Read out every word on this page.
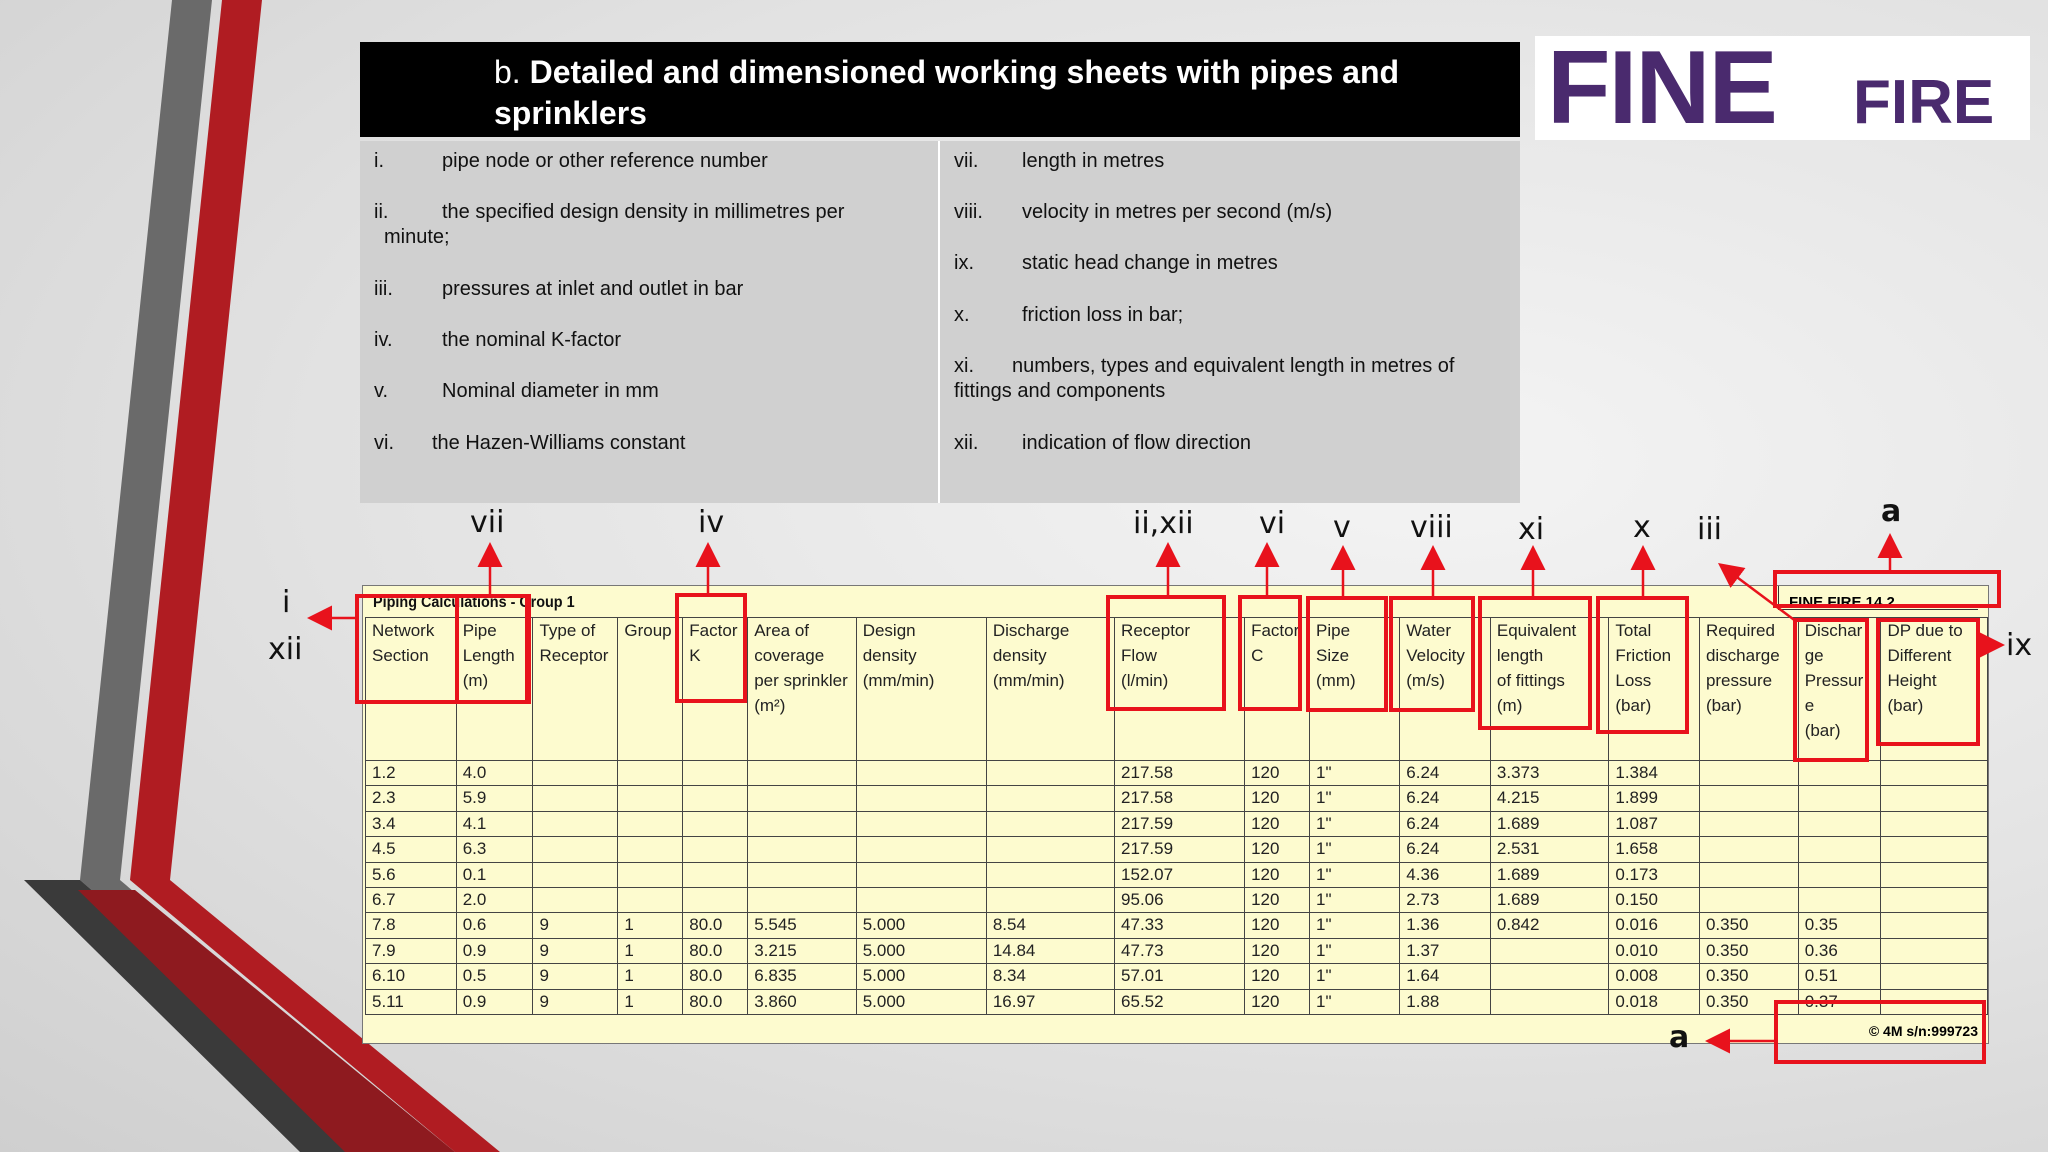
b. Detailed and dimensioned working sheets with pipes and sprinklers	FINE FIRE
i.	pipe node or other reference number
ii.	the specified design density in millimetres per
minute;
iii. pressures at inlet and outlet in bar
iv. the nominal K-factor
v.	Nominal diameter in mm
vi. the Hazen-Williams constant
vii. length in metres
viii. velocity in metres per second (m/s)
ix. static head change in metres
x.	friction loss in bar;
xi. numbers, types and equivalent length in metres of
fittings and components
xii. indication of flow direction
Piping Calculations - Group 1	FINE FIRE 14.2
Network
Section	Pipe
Length
(m)	Type of
Receptor	Group	Factor
K	Area of
coverage
per sprinkler
(m²)	Design
density
(mm/min)	Discharge
density
(mm/min)	Receptor
Flow
(l/min)	Factor
C	Pipe
Size
(mm)	Water
Velocity
(m/s)	Equivalent
length
of fittings
(m)	Total
Friction
Loss
(bar)	Required
discharge
pressure
(bar)	Dischar
ge
Pressur
e
(bar)	DP due to
Different
Height
(bar)
1.2	4.0							217.58	120	1"	6.24	3.373	1.384			
2.3	5.9							217.58	120	1"	6.24	4.215	1.899			
3.4	4.1							217.59	120	1"	6.24	1.689	1.087			
4.5	6.3							217.59	120	1"	6.24	2.531	1.658			
5.6	0.1							152.07	120	1"	4.36	1.689	0.173			
6.7	2.0							95.06	120	1"	2.73	1.689	0.150			
7.8	0.6	9	1	80.0	5.545	5.000	8.54	47.33	120	1"	1.36	0.842	0.016	0.350	0.35	
7.9	0.9	9	1	80.0	3.215	5.000	14.84	47.73	120	1"	1.37		0.010	0.350	0.36	
6.10	0.5	9	1	80.0	6.835	5.000	8.34	57.01	120	1"	1.64		0.008	0.350	0.51	
5.11	0.9	9	1	80.0	3.860	5.000	16.97	65.52	120	1"	1.88		0.018	0.350	0.37	
© 4M s/n:999723
vii	iv	ii,xii vi v viii xi	x iii
a
i
xii	ix
a
